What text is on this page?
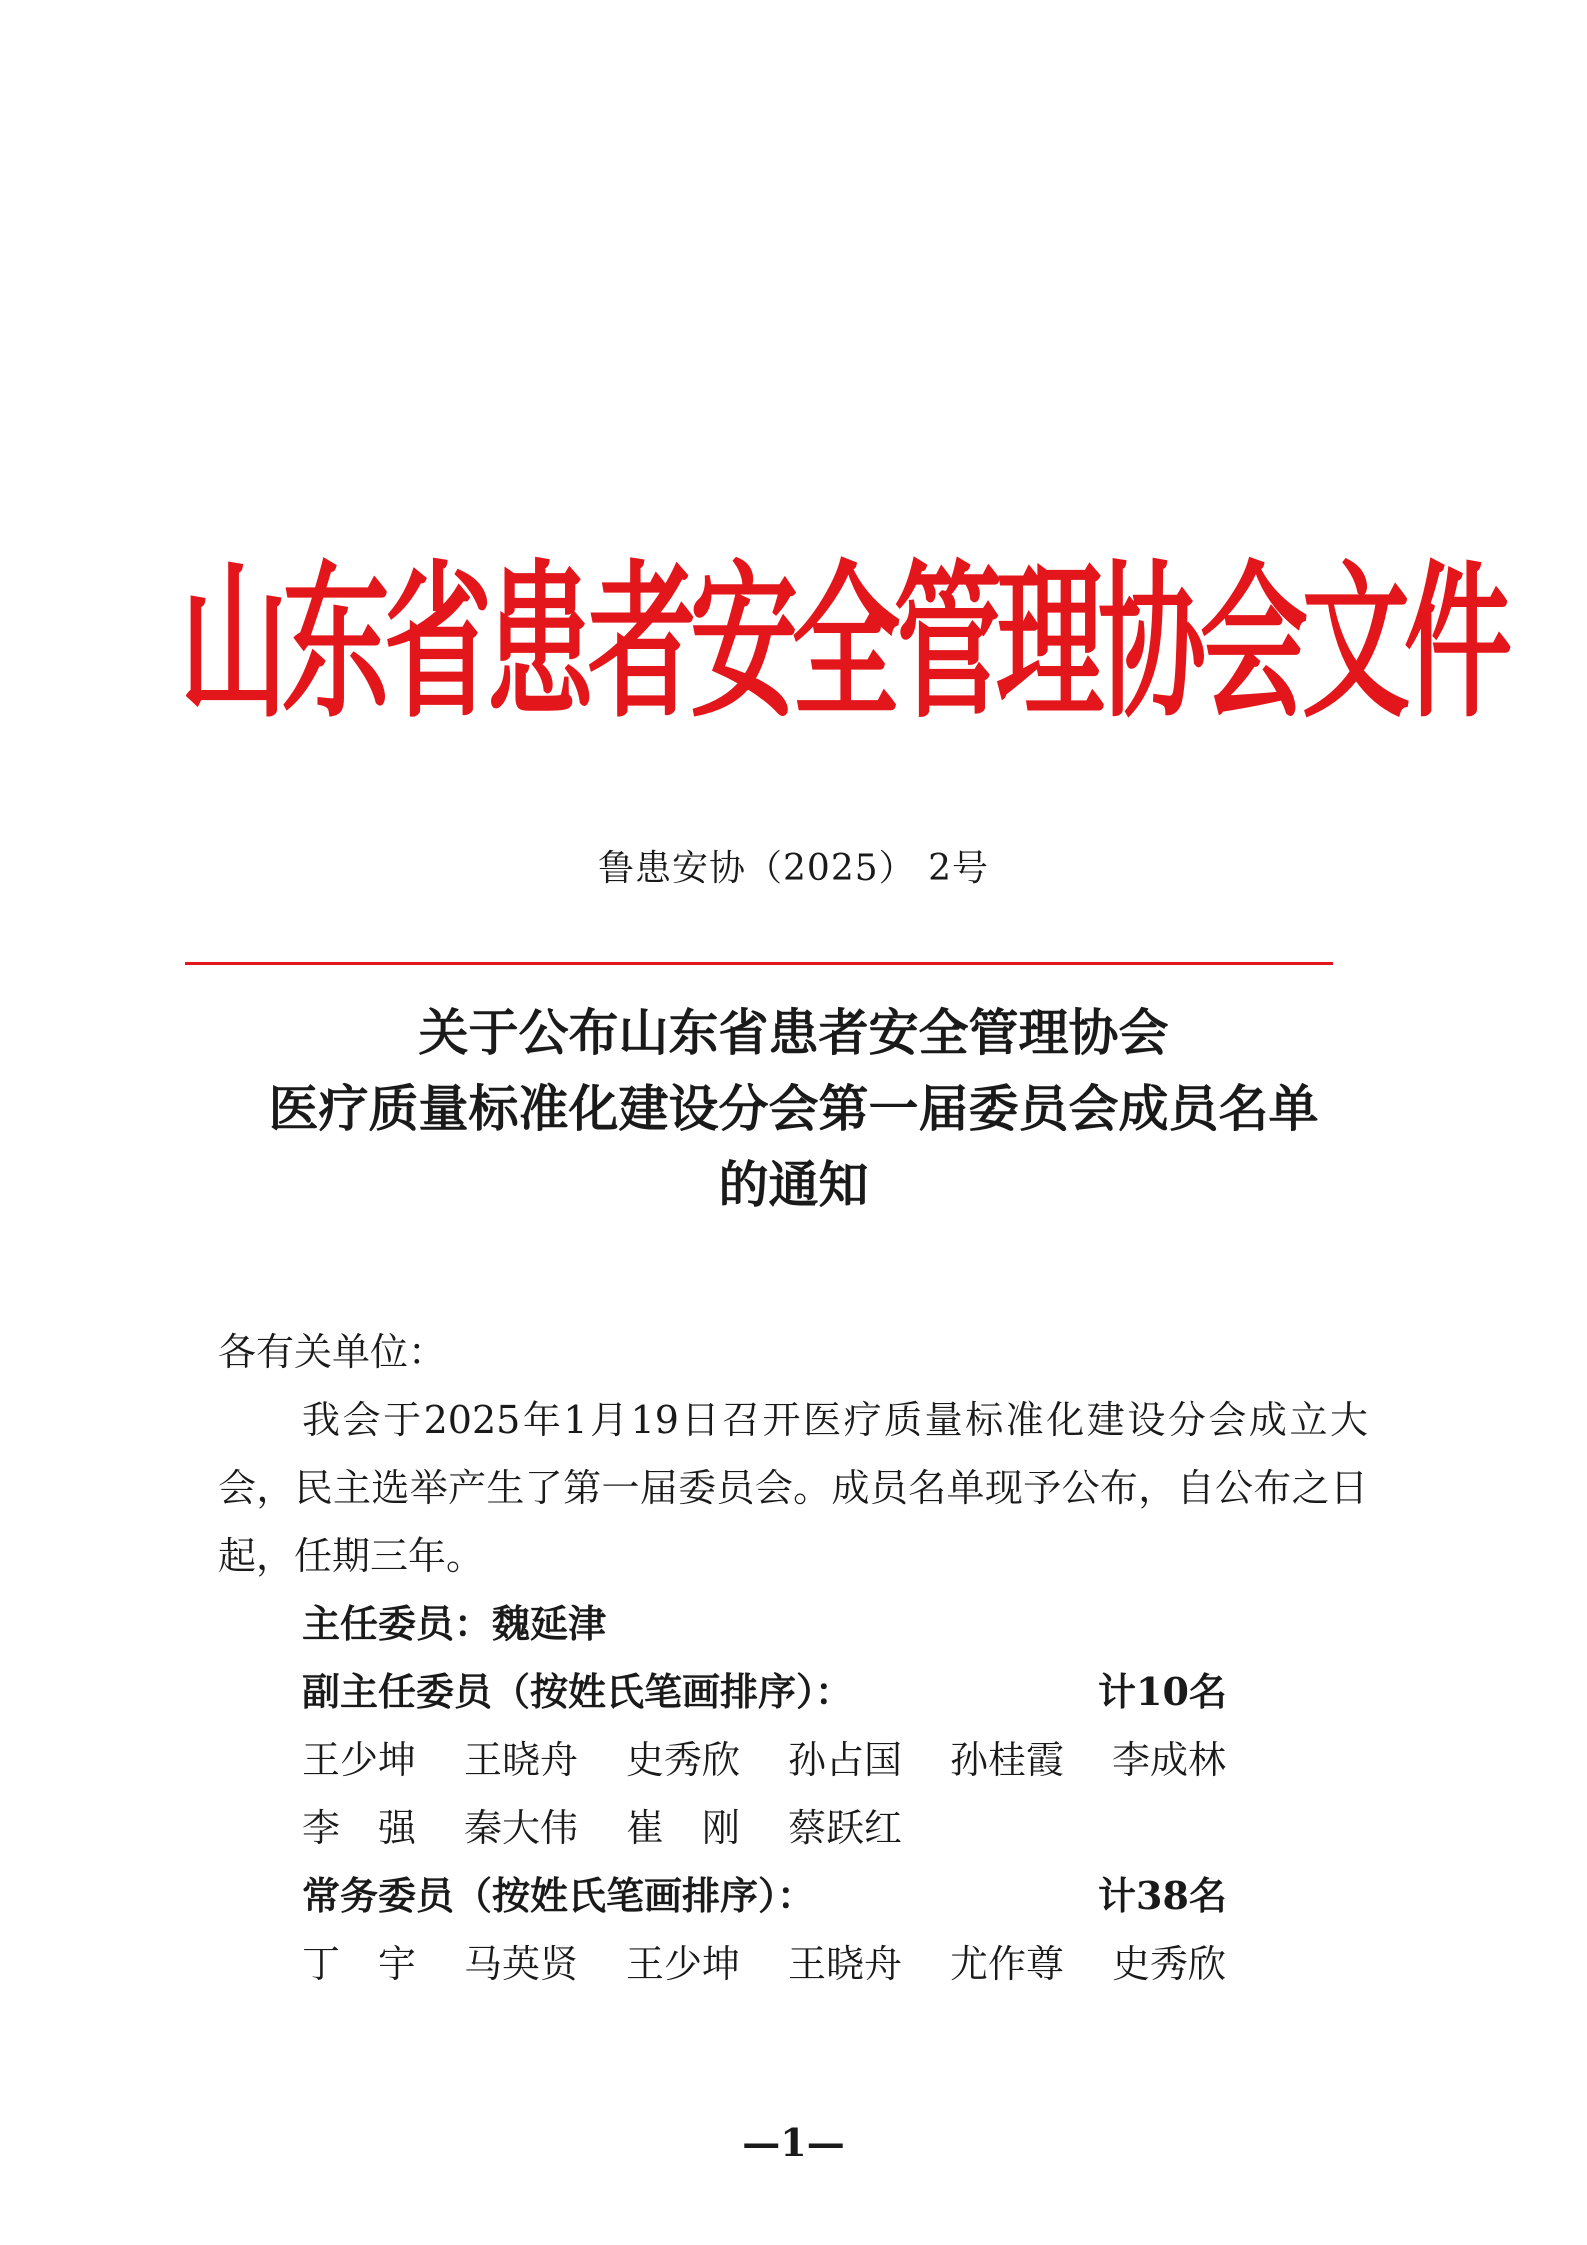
山东省患者安全管理协会文件
鲁患安协（2025） 2号
关于公布山东省患者安全管理协会
医疗质量标准化建设分会第一届委员会成员名单
的通知

各有关单位：

我会于2025年1月19日召开医疗质量标准化建设分会成立大会，民主选举产生了第一届委员会。成员名单现予公布，自公布之日起，任期三年。

主任委员：魏延津
副主任委员（按姓氏笔画排序）：	计10名
王少坤	王晓舟	史秀欣	孙占国	孙桂霞	李成林
李　强	秦大伟	崔　刚	蔡跃红
常务委员（按姓氏笔画排序）：	计38名
丁　宇	马英贤	王少坤	王晓舟	尤作尊	史秀欣
—1—
